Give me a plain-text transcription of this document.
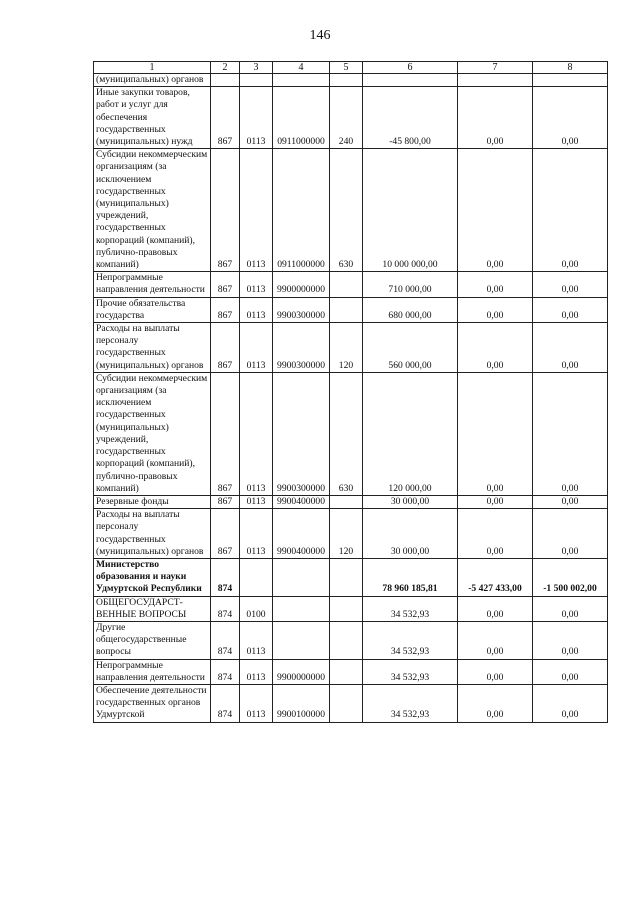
146
1	2	3	4	5	6	7	8
(муниципальных) органов							
Иные закупки товаров, работ и услуг для обеспечения государственных (муниципальных) нужд	867	0113	0911000000	240	-45 800,00	0,00	0,00
Субсидии некоммерческим организациям (за исключением государственных (муниципальных) учреждений, государственных корпораций (компаний), публично-правовых компаний)	867	0113	0911000000	630	10 000 000,00	0,00	0,00
Непрограммные направления деятельности	867	0113	9900000000		710 000,00	0,00	0,00
Прочие обязательства государства	867	0113	9900300000		680 000,00	0,00	0,00
Расходы на выплаты персоналу государственных (муниципальных) органов	867	0113	9900300000	120	560 000,00	0,00	0,00
Субсидии некоммерческим организациям (за исключением государственных (муниципальных) учреждений, государственных корпораций (компаний), публично-правовых компаний)	867	0113	9900300000	630	120 000,00	0,00	0,00
Резервные фонды	867	0113	9900400000		30 000,00	0,00	0,00
Расходы на выплаты персоналу государственных (муниципальных) органов	867	0113	9900400000	120	30 000,00	0,00	0,00
Министерство образования и науки Удмуртской Республики	874				78 960 185,81	-5 427 433,00	-1 500 002,00
ОБЩЕГОСУДАРСТ-ВЕННЫЕ ВОПРОСЫ	874	0100			34 532,93	0,00	0,00
Другие общегосударственные вопросы	874	0113			34 532,93	0,00	0,00
Непрограммные направления деятельности	874	0113	9900000000		34 532,93	0,00	0,00
Обеспечение деятельности государственных органов Удмуртской	874	0113	9900100000		34 532,93	0,00	0,00
